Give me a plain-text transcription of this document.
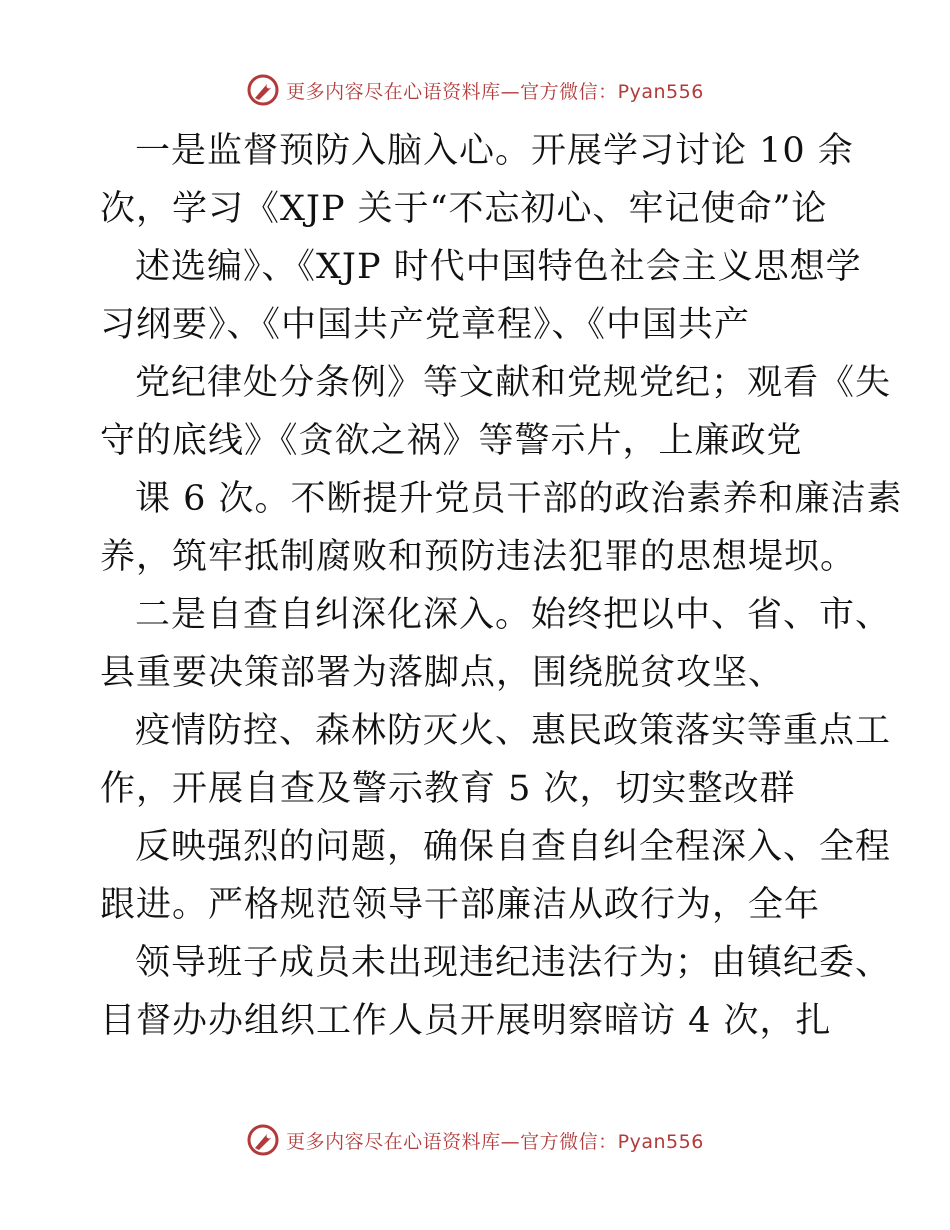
更多内容尽在心语资料库—官方微信：Pyan556
一是监督预防入脑入心。开展学习讨论 10 余
次，学习《XJP 关于“不忘初心、牢记使命”论
述选编》、《XJP 时代中国特色社会主义思想学
习纲要》、《中国共产党章程》、《中国共产
党纪律处分条例》等文献和党规党纪；观看《失
守的底线》《贪欲之祸》等警示片，上廉政党
课 6 次。不断提升党员干部的政治素养和廉洁素
养，筑牢抵制腐败和预防违法犯罪的思想堤坝。
二是自查自纠深化深入。始终把以中、省、市、
县重要决策部署为落脚点，围绕脱贫攻坚、
疫情防控、森林防灭火、惠民政策落实等重点工
作，开展自查及警示教育 5 次，切实整改群
反映强烈的问题，确保自查自纠全程深入、全程
跟进。严格规范领导干部廉洁从政行为，全年
领导班子成员未出现违纪违法行为；由镇纪委、
目督办办组织工作人员开展明察暗访 4 次，扎
更多内容尽在心语资料库—官方微信：Pyan556
